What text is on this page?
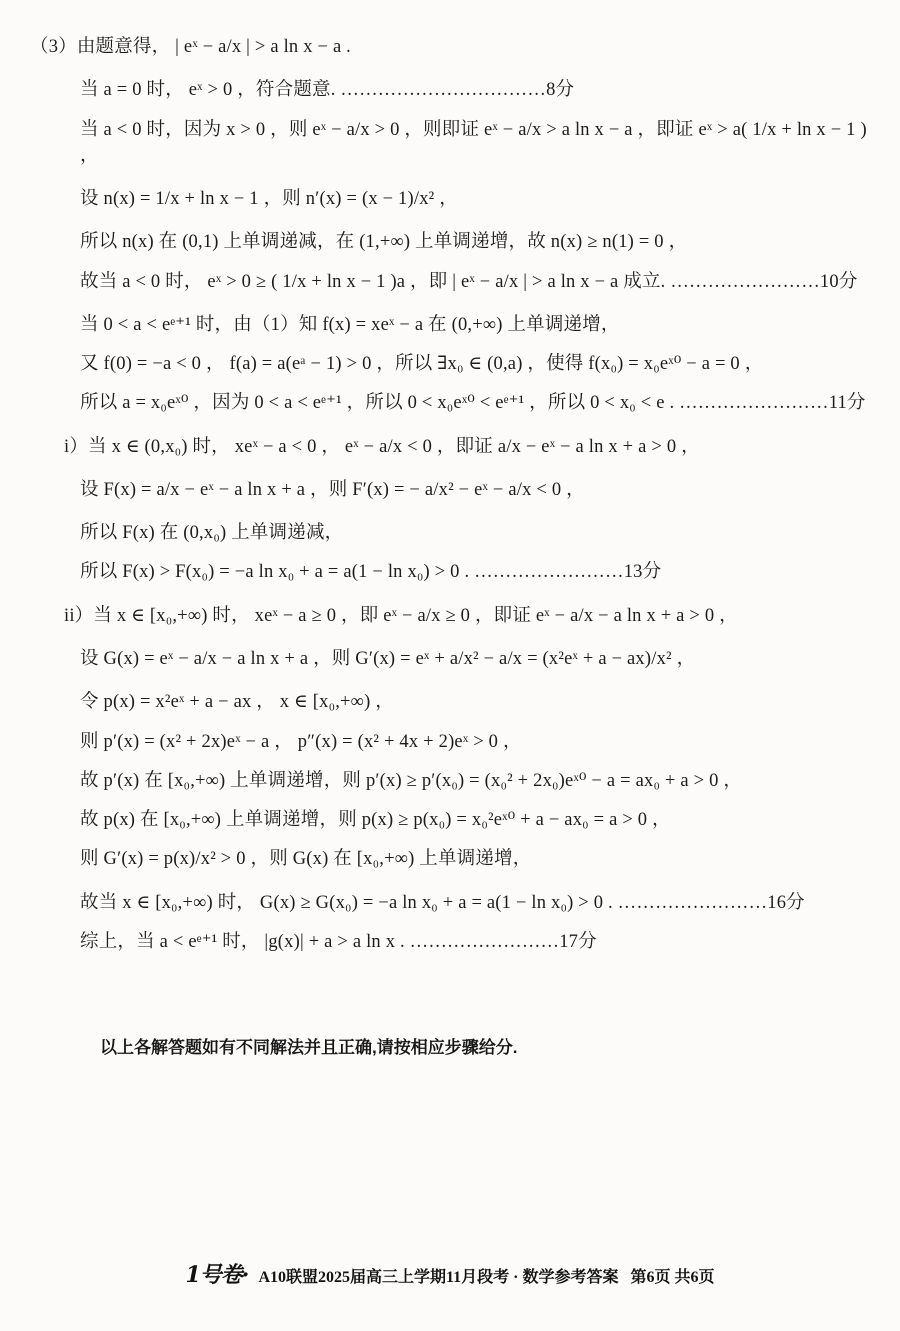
（3）由题意得， | eˣ − a/x | > a ln x − a .
当 a = 0 时， eˣ > 0 ，符合题意. ……………………………8分
当 a < 0 时，因为 x > 0 ，则 eˣ − a/x > 0 ，则即证 eˣ − a/x > a ln x − a ，即证 eˣ > a( 1/x + ln x − 1 ) ，
设 n(x) = 1/x + ln x − 1 ，则 n′(x) = (x − 1)/x² ，
所以 n(x) 在 (0,1) 上单调递减，在 (1,+∞) 上单调递增，故 n(x) ≥ n(1) = 0 ，
故当 a < 0 时， eˣ > 0 ≥ ( 1/x + ln x − 1 )a ，即 | eˣ − a/x | > a ln x − a 成立. ……………………10分
当 0 < a < eᵉ⁺¹ 时，由（1）知 f(x) = xeˣ − a 在 (0,+∞) 上单调递增，
又 f(0) = −a < 0 ， f(a) = a(eᵃ − 1) > 0 ，所以 ∃x₀ ∈ (0,a) ，使得 f(x₀) = x₀eˣ⁰ − a = 0 ，
所以 a = x₀eˣ⁰ ，因为 0 < a < eᵉ⁺¹ ，所以 0 < x₀eˣ⁰ < eᵉ⁺¹ ，所以 0 < x₀ < e . ……………………11分
i）当 x ∈ (0,x₀) 时， xeˣ − a < 0 ， eˣ − a/x < 0 ，即证 a/x − eˣ − a ln x + a > 0 ，
设 F(x) = a/x − eˣ − a ln x + a ，则 F′(x) = − a/x² − eˣ − a/x < 0 ，
所以 F(x) 在 (0,x₀) 上单调递减，
所以 F(x) > F(x₀) = −a ln x₀ + a = a(1 − ln x₀) > 0 . ……………………13分
ii）当 x ∈ [x₀,+∞) 时， xeˣ − a ≥ 0 ，即 eˣ − a/x ≥ 0 ，即证 eˣ − a/x − a ln x + a > 0 ，
设 G(x) = eˣ − a/x − a ln x + a ，则 G′(x) = eˣ + a/x² − a/x = (x²eˣ + a − ax)/x² ，
令 p(x) = x²eˣ + a − ax ， x ∈ [x₀,+∞) ，
则 p′(x) = (x² + 2x)eˣ − a ， p″(x) = (x² + 4x + 2)eˣ > 0 ，
故 p′(x) 在 [x₀,+∞) 上单调递增，则 p′(x) ≥ p′(x₀) = (x₀² + 2x₀)eˣ⁰ − a = ax₀ + a > 0 ，
故 p(x) 在 [x₀,+∞) 上单调递增，则 p(x) ≥ p(x₀) = x₀²eˣ⁰ + a − ax₀ = a > 0 ，
则 G′(x) = p(x)/x² > 0 ，则 G(x) 在 [x₀,+∞) 上单调递增，
故当 x ∈ [x₀,+∞) 时， G(x) ≥ G(x₀) = −a ln x₀ + a = a(1 − ln x₀) > 0 . ……………………16分
综上，当 a < eᵉ⁺¹ 时， |g(x)| + a > a ln x . ……………………17分
以上各解答题如有不同解法并且正确,请按相应步骤给分.
1号卷· A10联盟2025届高三上学期11月段考 · 数学参考答案 第6页 共6页
